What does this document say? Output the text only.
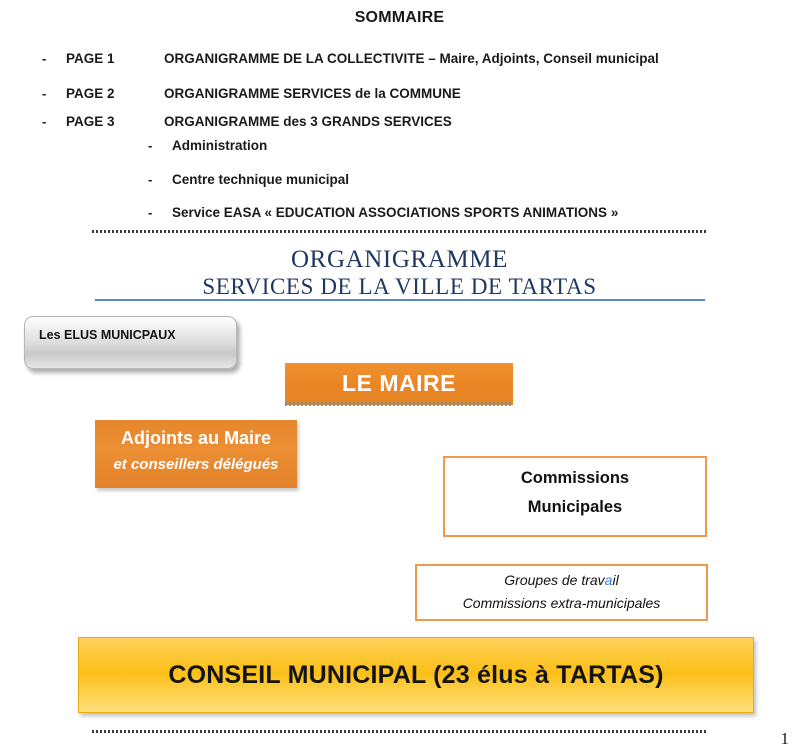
SOMMAIRE
- PAGE 1	ORGANIGRAMME DE LA COLLECTIVITE – Maire, Adjoints, Conseil municipal
- PAGE 2	ORGANIGRAMME SERVICES de la COMMUNE
- PAGE 3	ORGANIGRAMME des 3 GRANDS SERVICES
- Administration
- Centre technique municipal
- Service EASA « EDUCATION ASSOCIATIONS SPORTS ANIMATIONS »
ORGANIGRAMME
SERVICES DE LA VILLE DE TARTAS
Les ELUS MUNICPAUX
LE MAIRE
Adjoints au Maire
et conseillers délégués
Commissions
Municipales
Groupes de travail
Commissions extra-municipales
CONSEIL MUNICIPAL (23 élus à TARTAS)
1
